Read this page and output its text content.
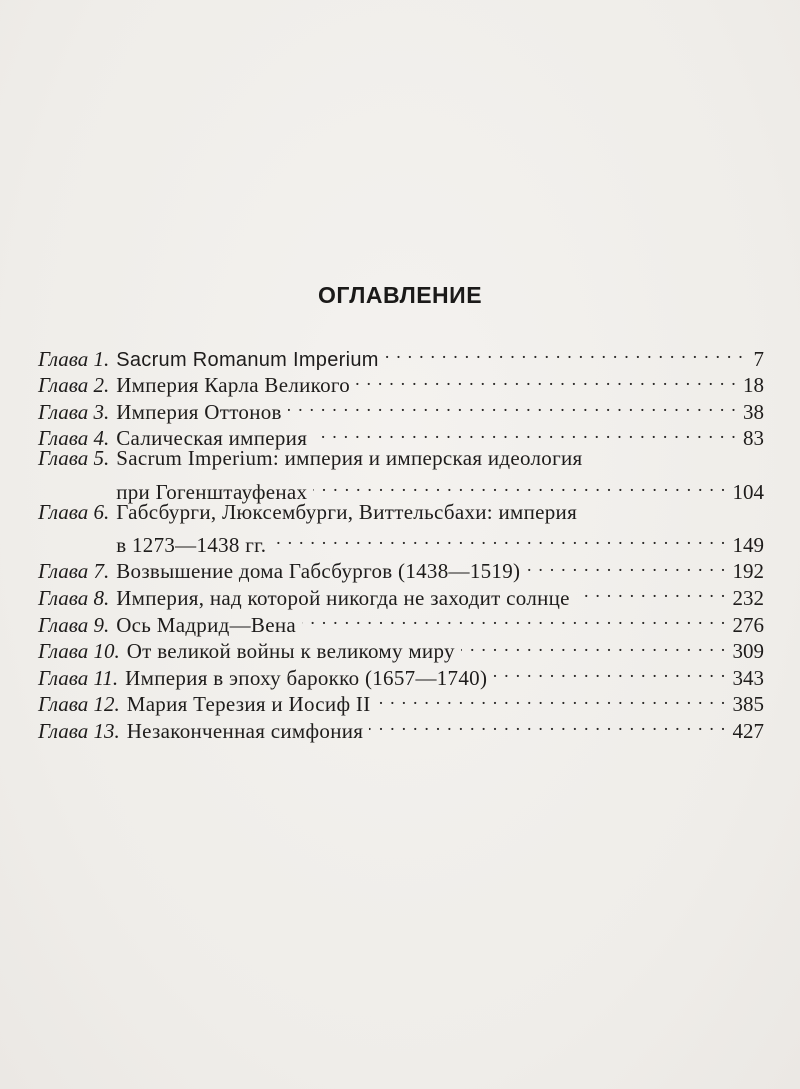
ОГЛАВЛЕНИЕ
Глава 1. Sacrum Romanum Imperium . . .	7
Глава 2. Империя Карла Великого . . .	18
Глава 3. Империя Оттонов . . .	38
Глава 4. Салическая империя . . .	83
Глава 5. Sacrum Imperium: империя и имперская идеология
при Гогенштауфенах . . .	104
Глава 6. Габсбурги, Люксембурги, Виттельсбахи: империя
в 1273—1438 гг. . . .	149
Глава 7. Возвышение дома Габсбургов (1438—1519) . . .	192
Глава 8. Империя, над которой никогда не заходит солнце . . .	232
Глава 9. Ось Мадрид—Вена . . .	276
Глава 10. От великой войны к великому миру . . .	309
Глава 11. Империя в эпоху барокко (1657—1740) . . .	343
Глава 12. Мария Терезия и Иосиф II . . .	385
Глава 13. Незаконченная симфония . . .	427
